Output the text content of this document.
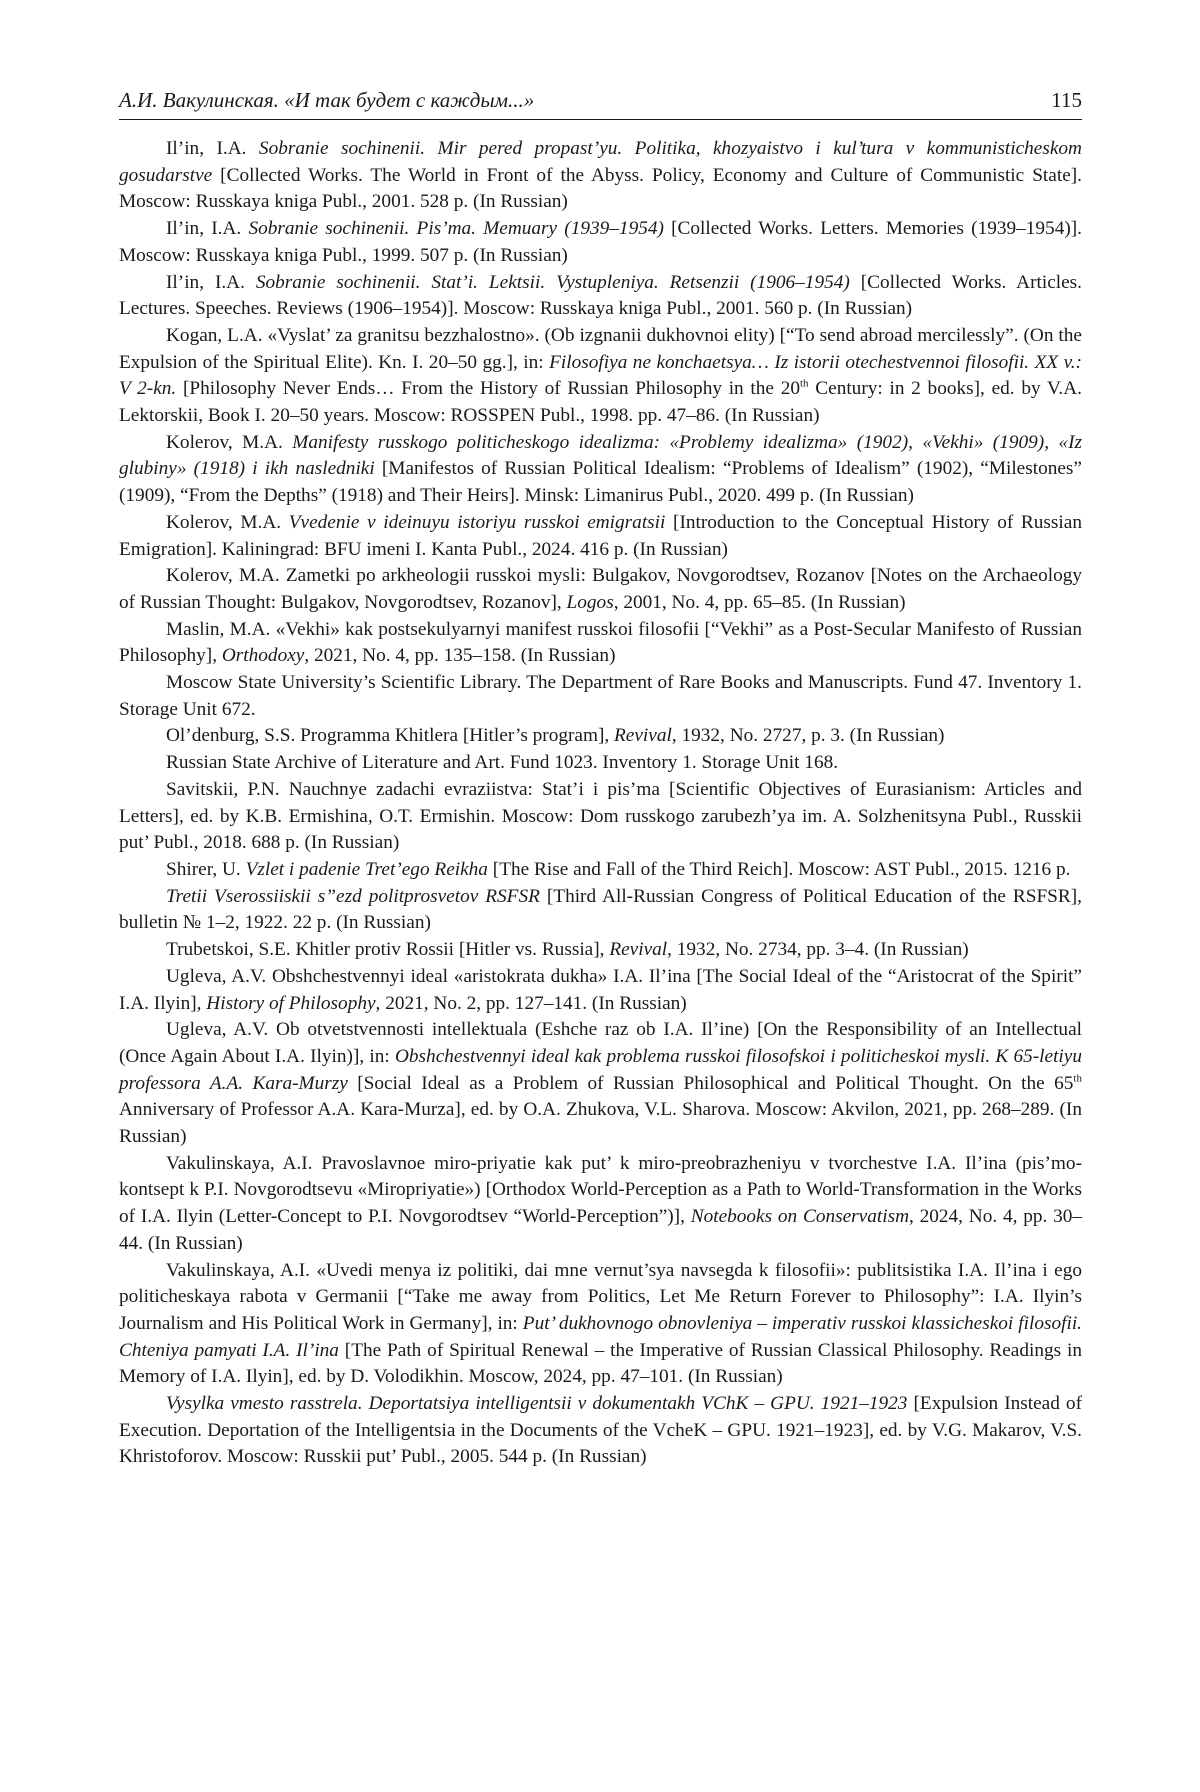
А.И. Вакулинская. «И так будет с каждым...»	115

Il’in, I.A. Sobranie sochinenii. Mir pered propast’yu. Politika, khozyaistvo i kul’tura v kommunisticheskom gosudarstve [Collected Works. The World in Front of the Abyss. Policy, Economy and Culture of Communistic State]. Moscow: Russkaya kniga Publ., 2001. 528 p. (In Russian)

Il’in, I.A. Sobranie sochinenii. Pis’ma. Memuary (1939–1954) [Collected Works. Letters. Memories (1939–1954)]. Moscow: Russkaya kniga Publ., 1999. 507 p. (In Russian)

Il’in, I.A. Sobranie sochinenii. Stat’i. Lektsii. Vystupleniya. Retsenzii (1906–1954) [Collected Works. Articles. Lectures. Speeches. Reviews (1906–1954)]. Moscow: Russkaya kniga Publ., 2001. 560 p. (In Russian)

Kogan, L.A. «Vyslat’ za granitsu bezzhalostno». (Ob izgnanii dukhovnoi elity) [“To send abroad mercilessly”. (On the Expulsion of the Spiritual Elite). Kn. I. 20–50 gg.], in: Filosofiya ne konchaetsya… Iz istorii otechestvennoi filosofii. XX v.: V 2-kn. [Philosophy Never Ends… From the History of Russian Philosophy in the 20th Century: in 2 books], ed. by V.A. Lektorskii, Book I. 20–50 years. Moscow: ROSSPEN Publ., 1998. pp. 47–86. (In Russian)

Kolerov, M.A. Manifesty russkogo politicheskogo idealizma: «Problemy idealizma» (1902), «Vekhi» (1909), «Iz glubiny» (1918) i ikh nasledniki [Manifestos of Russian Political Idealism: “Problems of Idealism” (1902), “Milestones” (1909), “From the Depths” (1918) and Their Heirs]. Minsk: Limanirus Publ., 2020. 499 p. (In Russian)

Kolerov, M.A. Vvedenie v ideinuyu istoriyu russkoi emigratsii [Introduction to the Conceptual History of Russian Emigration]. Kaliningrad: BFU imeni I. Kanta Publ., 2024. 416 p. (In Russian)

Kolerov, M.A. Zametki po arkheologii russkoi mysli: Bulgakov, Novgorodtsev, Rozanov [Notes on the Archaeology of Russian Thought: Bulgakov, Novgorodtsev, Rozanov], Logos, 2001, No. 4, pp. 65–85. (In Russian)

Maslin, M.A. «Vekhi» kak postsekulyarnyi manifest russkoi filosofii [“Vekhi” as a Post-Secular Manifesto of Russian Philosophy], Orthodoxy, 2021, No. 4, pp. 135–158. (In Russian)

Moscow State University’s Scientific Library. The Department of Rare Books and Manuscripts. Fund 47. Inventory 1. Storage Unit 672.

Ol’denburg, S.S. Programma Khitlera [Hitler’s program], Revival, 1932, No. 2727, p. 3. (In Russian)

Russian State Archive of Literature and Art. Fund 1023. Inventory 1. Storage Unit 168.

Savitskii, P.N. Nauchnye zadachi evraziistva: Stat’i i pis’ma [Scientific Objectives of Eurasianism: Articles and Letters], ed. by K.B. Ermishina, O.T. Ermishin. Moscow: Dom russkogo zarubezh’ya im. A. Solzhenitsyna Publ., Russkii put’ Publ., 2018. 688 p. (In Russian)

Shirer, U. Vzlet i padenie Tret’ego Reikha [The Rise and Fall of the Third Reich]. Moscow: AST Publ., 2015. 1216 p.

Tretii Vserossiiskii s”ezd politprosvetov RSFSR [Third All-Russian Congress of Political Education of the RSFSR], bulletin № 1–2, 1922. 22 p. (In Russian)

Trubetskoi, S.E. Khitler protiv Rossii [Hitler vs. Russia], Revival, 1932, No. 2734, pp. 3–4. (In Russian)

Ugleva, A.V. Obshchestvennyi ideal «aristokrata dukha» I.A. Il’ina [The Social Ideal of the “Aristocrat of the Spirit” I.A. Ilyin], History of Philosophy, 2021, No. 2, pp. 127–141. (In Russian)

Ugleva, A.V. Ob otvetstvennosti intellektuala (Eshche raz ob I.A. Il’ine) [On the Responsibility of an Intellectual (Once Again About I.A. Ilyin)], in: Obshchestvennyi ideal kak problema russkoi filosofskoi i politicheskoi mysli. K 65-letiyu professora A.A. Kara-Murzy [Social Ideal as a Problem of Russian Philosophical and Political Thought. On the 65th Anniversary of Professor A.A. Kara-Murza], ed. by O.A. Zhukova, V.L. Sharova. Moscow: Akvilon, 2021, pp. 268–289. (In Russian)

Vakulinskaya, A.I. Pravoslavnoe miro-priyatie kak put’ k miro-preobrazheniyu v tvorchestve I.A. Il’ina (pis’mo-kontsept k P.I. Novgorodtsevu «Miropriyatie») [Orthodox World-Perception as a Path to World-Transformation in the Works of I.A. Ilyin (Letter-Concept to P.I. Novgorodtsev “World-Perception”)], Notebooks on Conservatism, 2024, No. 4, pp. 30–44. (In Russian)

Vakulinskaya, A.I. «Uvedi menya iz politiki, dai mne vernut’sya navsegda k filosofii»: publitsistika I.A. Il’ina i ego politicheskaya rabota v Germanii [“Take me away from Politics, Let Me Return Forever to Philosophy”: I.A. Ilyin’s Journalism and His Political Work in Germany], in: Put’ dukhovnogo obnovleniya – imperativ russkoi klassicheskoi filosofii. Chteniya pamyati I.A. Il’ina [The Path of Spiritual Renewal – the Imperative of Russian Classical Philosophy. Readings in Memory of I.A. Ilyin], ed. by D. Volodikhin. Moscow, 2024, pp. 47–101. (In Russian)

Vysylka vmesto rasstrela. Deportatsiya intelligentsii v dokumentakh VChK – GPU. 1921–1923 [Expulsion Instead of Execution. Deportation of the Intelligentsia in the Documents of the VcheK – GPU. 1921–1923], ed. by V.G. Makarov, V.S. Khristoforov. Moscow: Russkii put’ Publ., 2005. 544 p. (In Russian)
